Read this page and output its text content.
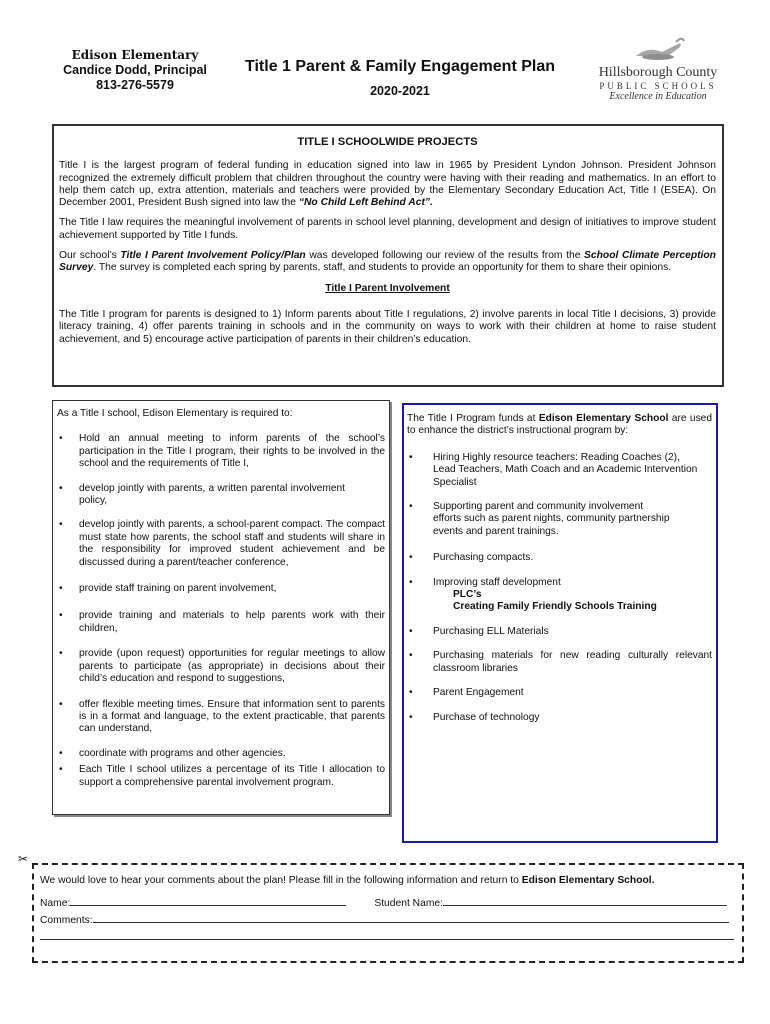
Edison Elementary
Candice Dodd, Principal
813-276-5579
Title 1 Parent & Family Engagement Plan
2020-2021
Hillsborough County
PUBLIC SCHOOLS
Excellence in Education
TITLE I SCHOOLWIDE PROJECTS

Title I is the largest program of federal funding in education signed into law in 1965 by President Lyndon Johnson. President Johnson recognized the extremely difficult problem that children throughout the country were having with their reading and mathematics. In an effort to help them catch up, extra attention, materials and teachers were provided by the Elementary Secondary Education Act, Title I (ESEA). On December 2001, President Bush signed into law the “No Child Left Behind Act”.

The Title I law requires the meaningful involvement of parents in school level planning, development and design of initiatives to improve student achievement supported by Title I funds.

Our school’s Title I Parent Involvement Policy/Plan was developed following our review of the results from the School Climate Perception Survey. The survey is completed each spring by parents, staff, and students to provide an opportunity for them to share their opinions.

Title I Parent Involvement

The Title I program for parents is designed to 1) Inform parents about Title I regulations, 2) involve parents in local Title I decisions, 3) provide literacy training, 4) offer parents training in schools and in the community on ways to work with their children at home to raise student achievement, and 5) encourage active participation of parents in their children’s education.

As a Title I school, Edison Elementary is required to:
• Hold an annual meeting to inform parents of the school’s participation in the Title I program, their rights to be involved in the school and the requirements of Title I,
• develop jointly with parents, a written parental involvement policy,
• develop jointly with parents, a school-parent compact. The compact must state how parents, the school staff and students will share in the responsibility for improved student achievement and be discussed during a parent/teacher conference,
• provide staff training on parent involvement,
• provide training and materials to help parents work with their children,
• provide (upon request) opportunities for regular meetings to allow parents to participate (as appropriate) in decisions about their child’s education and respond to suggestions,
• offer flexible meeting times. Ensure that information sent to parents is in a format and language, to the extent practicable, that parents can understand,
• coordinate with programs and other agencies.
• Each Title I school utilizes a percentage of its Title I allocation to support a comprehensive parental involvement program.
The Title I Program funds at Edison Elementary School are used to enhance the district’s instructional program by:
• Hiring Highly resource teachers: Reading Coaches (2), Lead Teachers, Math Coach and an Academic Intervention Specialist
• Supporting parent and community involvement efforts such as parent nights, community partnership events and parent trainings.
• Purchasing compacts.
• Improving staff development
PLC’s
Creating Family Friendly Schools Training
• Purchasing ELL Materials
• Purchasing materials for new reading culturally relevant classroom libraries
• Parent Engagement
• Purchase of technology
✂
We would love to hear your comments about the plan! Please fill in the following information and return to Edison Elementary School.
Name:	Student Name:
Comments:
